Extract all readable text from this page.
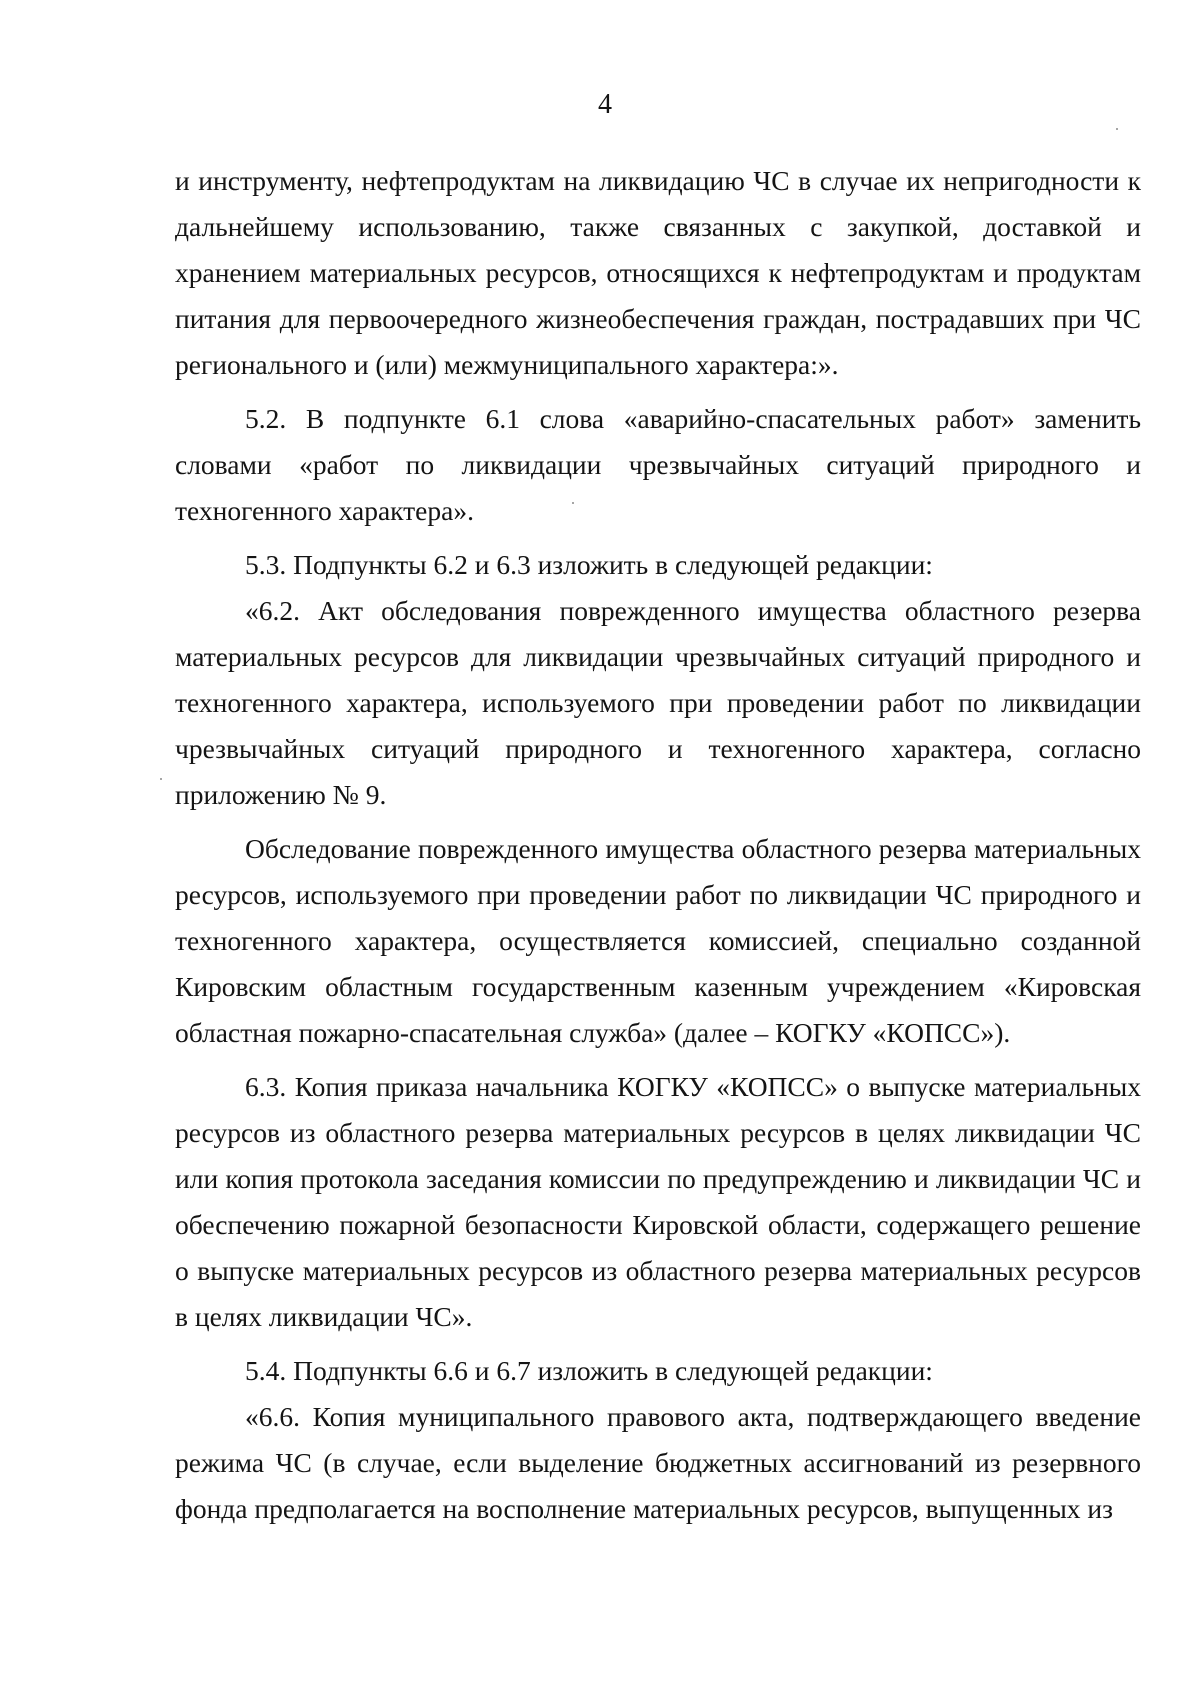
4

и инструменту, нефтепродуктам на ликвидацию ЧС в случае их непригодности к дальнейшему использованию, также связанных с закупкой, доставкой и хранением материальных ресурсов, относящихся к нефтепродуктам и продуктам питания для первоочередного жизнеобеспечения граждан, пострадавших при ЧС регионального и (или) межмуниципального характера:».

5.2. В подпункте 6.1 слова «аварийно-спасательных работ» заменить словами «работ по ликвидации чрезвычайных ситуаций природного и техногенного характера».

5.3. Подпункты 6.2 и 6.3 изложить в следующей редакции:

«6.2. Акт обследования поврежденного имущества областного резерва материальных ресурсов для ликвидации чрезвычайных ситуаций природного и техногенного характера, используемого при проведении работ по ликвидации чрезвычайных ситуаций природного и техногенного характера, согласно приложению № 9.

Обследование поврежденного имущества областного резерва материальных ресурсов, используемого при проведении работ по ликвидации ЧС природного и техногенного характера, осуществляется комиссией, специально созданной Кировским областным государственным казенным учреждением «Кировская областная пожарно-спасательная служба» (далее – КОГКУ «КОПСС»).

6.3. Копия приказа начальника КОГКУ «КОПСС» о выпуске материальных ресурсов из областного резерва материальных ресурсов в целях ликвидации ЧС или копия протокола заседания комиссии по предупреждению и ликвидации ЧС и обеспечению пожарной безопасности Кировской области, содержащего решение о выпуске материальных ресурсов из областного резерва материальных ресурсов в целях ликвидации ЧС».

5.4. Подпункты 6.6 и 6.7 изложить в следующей редакции:

«6.6. Копия муниципального правового акта, подтверждающего введение режима ЧС (в случае, если выделение бюджетных ассигнований из резервного фонда предполагается на восполнение материальных ресурсов, выпущенных из
